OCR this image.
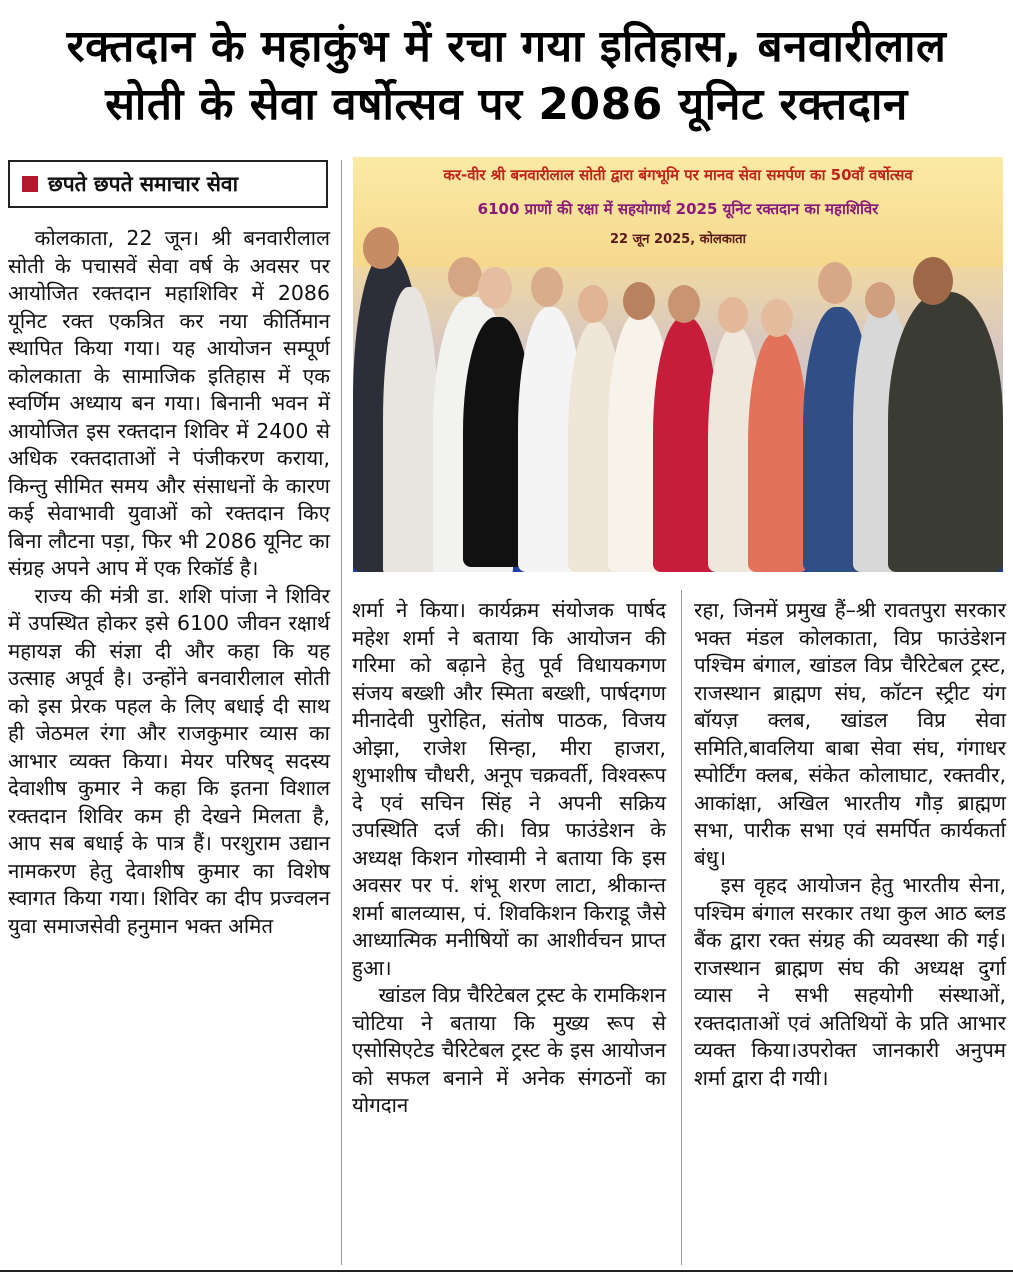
रक्तदान के महाकुंभ में रचा गया इतिहास, बनवारीलाल
सोती के सेवा वर्षोत्सव पर 2086 यूनिट रक्तदान
छपते छपते समाचार सेवा	कर-वीर श्री बनवारीलाल सोती द्वारा बंगभूमि पर मानव सेवा समर्पण का 50वाँ वर्षोत्सव
6100 प्राणों की रक्षा में सहयोगार्थ 2025 यूनिट रक्तदान का महाशिविर
22 जून 2025, कोलकाता

कोलकाता, 22 जून। श्री बनवारीलाल सोती के पचासवें सेवा वर्ष के अवसर पर आयोजित रक्तदान महाशिविर में 2086 यूनिट रक्त एकत्रित कर नया कीर्तिमान स्थापित किया गया। यह आयोजन सम्पूर्ण कोलकाता के सामाजिक इतिहास में एक स्वर्णिम अध्याय बन गया। बिनानी भवन में आयोजित इस रक्तदान शिविर में 2400 से अधिक रक्तदाताओं ने पंजीकरण कराया, किन्तु सीमित समय और संसाधनों के कारण कई सेवाभावी युवाओं को रक्तदान किए बिना लौटना पड़ा, फिर भी 2086 यूनिट का संग्रह अपने आप में एक रिकॉर्ड है।

राज्य की मंत्री डा. शशि पांजा ने शिविर में उपस्थित होकर इसे 6100 जीवन रक्षार्थ महायज्ञ की संज्ञा दी और कहा कि यह उत्साह अपूर्व है। उन्होंने बनवारीलाल सोती को इस प्रेरक पहल के लिए बधाई दी साथ ही जेठमल रंगा और राजकुमार व्यास का आभार व्यक्त किया। मेयर परिषद् सदस्य देवाशीष कुमार ने कहा कि इतना विशाल रक्तदान शिविर कम ही देखने मिलता है, आप सब बधाई के पात्र हैं। परशुराम उद्यान नामकरण हेतु देवाशीष कुमार का विशेष स्वागत किया गया। शिविर का दीप प्रज्वलन युवा समाजसेवी हनुमान भक्त अमित

शर्मा ने किया। कार्यक्रम संयोजक पार्षद महेश शर्मा ने बताया कि आयोजन की गरिमा को बढ़ाने हेतु पूर्व विधायकगण संजय बख्शी और स्मिता बख्शी, पार्षदगण मीनादेवी पुरोहित, संतोष पाठक, विजय ओझा, राजेश सिन्हा, मीरा हाजरा, शुभाशीष चौधरी, अनूप चक्रवर्ती, विश्वरूप दे एवं सचिन सिंह ने अपनी सक्रिय उपस्थिति दर्ज की। विप्र फाउंडेशन के अध्यक्ष किशन गोस्वामी ने बताया कि इस अवसर पर पं. शंभू शरण लाटा, श्रीकान्त शर्मा बालव्यास, पं. शिवकिशन किराडू जैसे आध्यात्मिक मनीषियों का आशीर्वचन प्राप्त हुआ।

खांडल विप्र चैरिटेबल ट्रस्ट के रामकिशन चोटिया ने बताया कि मुख्य रूप से एसोसिएटेड चैरिटेबल ट्रस्ट के इस आयोजन को सफल बनाने में अनेक संगठनों का योगदान

रहा, जिनमें प्रमुख हैं–श्री रावतपुरा सरकार भक्त मंडल कोलकाता, विप्र फाउंडेशन पश्चिम बंगाल, खांडल विप्र चैरिटेबल ट्रस्ट, राजस्थान ब्राह्मण संघ, कॉटन स्ट्रीट यंग बॉयज़ क्लब, खांडल विप्र सेवा समिति,बावलिया बाबा सेवा संघ, गंगाधर स्पोर्टिंग क्लब, संकेत कोलाघाट, रक्तवीर, आकांक्षा, अखिल भारतीय गौड़ ब्राह्मण सभा, पारीक सभा एवं समर्पित कार्यकर्ता बंधु।

इस वृहद आयोजन हेतु भारतीय सेना, पश्चिम बंगाल सरकार तथा कुल आठ ब्लड बैंक द्वारा रक्त संग्रह की व्यवस्था की गई। राजस्थान ब्राह्मण संघ की अध्यक्ष दुर्गा व्यास ने सभी सहयोगी संस्थाओं, रक्तदाताओं एवं अतिथियों के प्रति आभार व्यक्त किया।उपरोक्त जानकारी अनुपम शर्मा द्वारा दी गयी।
